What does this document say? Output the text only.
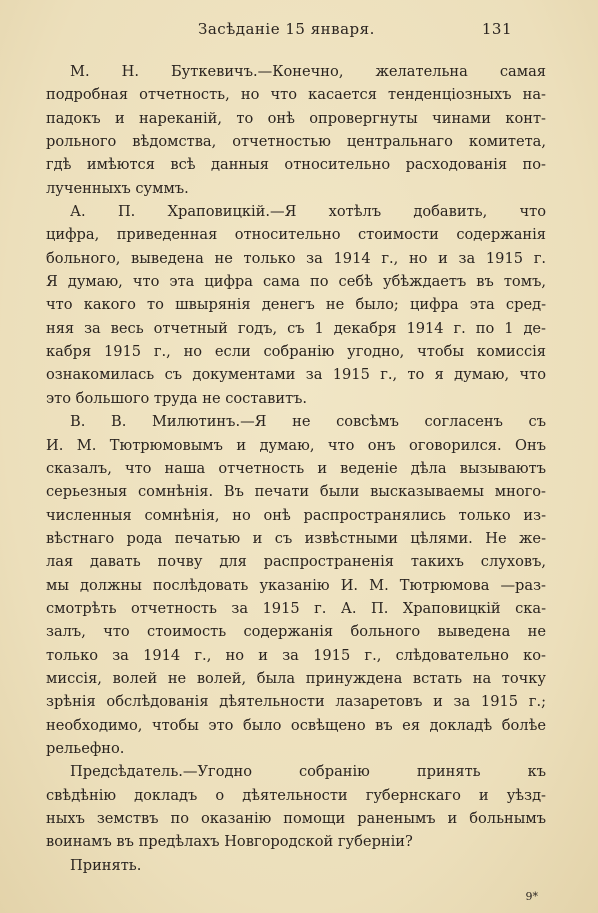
Засѣданіе 15 января.	131

М. Н. Буткевичъ.—Конечно, желательна самая
подробная отчетность, но что касается тенденціозныхъ на-
падокъ и нареканій, то онѣ опровергнуты чинами конт-
рольного вѣдомства, отчетностью центральнаго комитета,
гдѣ имѣются всѣ данныя относительно расходованія по-
лученныхъ суммъ.

А. П. Храповицкій.—Я хотѣлъ добавить, что
цифра, приведенная относительно стоимости содержанія
больного, выведена не только за 1914 г., но и за 1915 г.
Я думаю, что эта цифра сама по себѣ убѣждаетъ въ томъ,
что какого то швырянія денегъ не было; цифра эта сред-
няя за весь отчетный годъ, съ 1 декабря 1914 г. по 1 де-
кабря 1915 г., но если собранію угодно, чтобы комиссія
ознакомилась съ документами за 1915 г., то я думаю, что
это большого труда не составитъ.

В. В. Милютинъ.—Я не совсѣмъ согласенъ съ
И. М. Тютрюмовымъ и думаю, что онъ оговорился. Онъ
сказалъ, что наша отчетность и веденіе дѣла вызываютъ
серьезныя сомнѣнія. Въ печати были высказываемы много-
численныя сомнѣнія, но онѣ распространялись только из-
вѣстнаго рода печатью и съ извѣстными цѣлями. Не же-
лая давать почву для распространенія такихъ слуховъ,
мы должны послѣдовать указанію И. М. Тютрюмова —раз-
смотрѣть отчетность за 1915 г. А. П. Храповицкій ска-
залъ, что стоимость содержанія больного выведена не
только за 1914 г., но и за 1915 г., слѣдовательно ко-
миссія, волей не волей, была принуждена встать на точку
зрѣнія обслѣдованія дѣятельности лазаретовъ и за 1915 г.;
необходимо, чтобы это было освѣщено въ ея докладѣ болѣе
рельефно.

Предсѣдатель.—Угодно собранію принять къ
свѣдѣнію докладъ о дѣятельности губернскаго и уѣзд-
ныхъ земствъ по оказанію помощи раненымъ и больнымъ
воинамъ въ предѣлахъ Новгородской губерніи?

Принять.

9*
